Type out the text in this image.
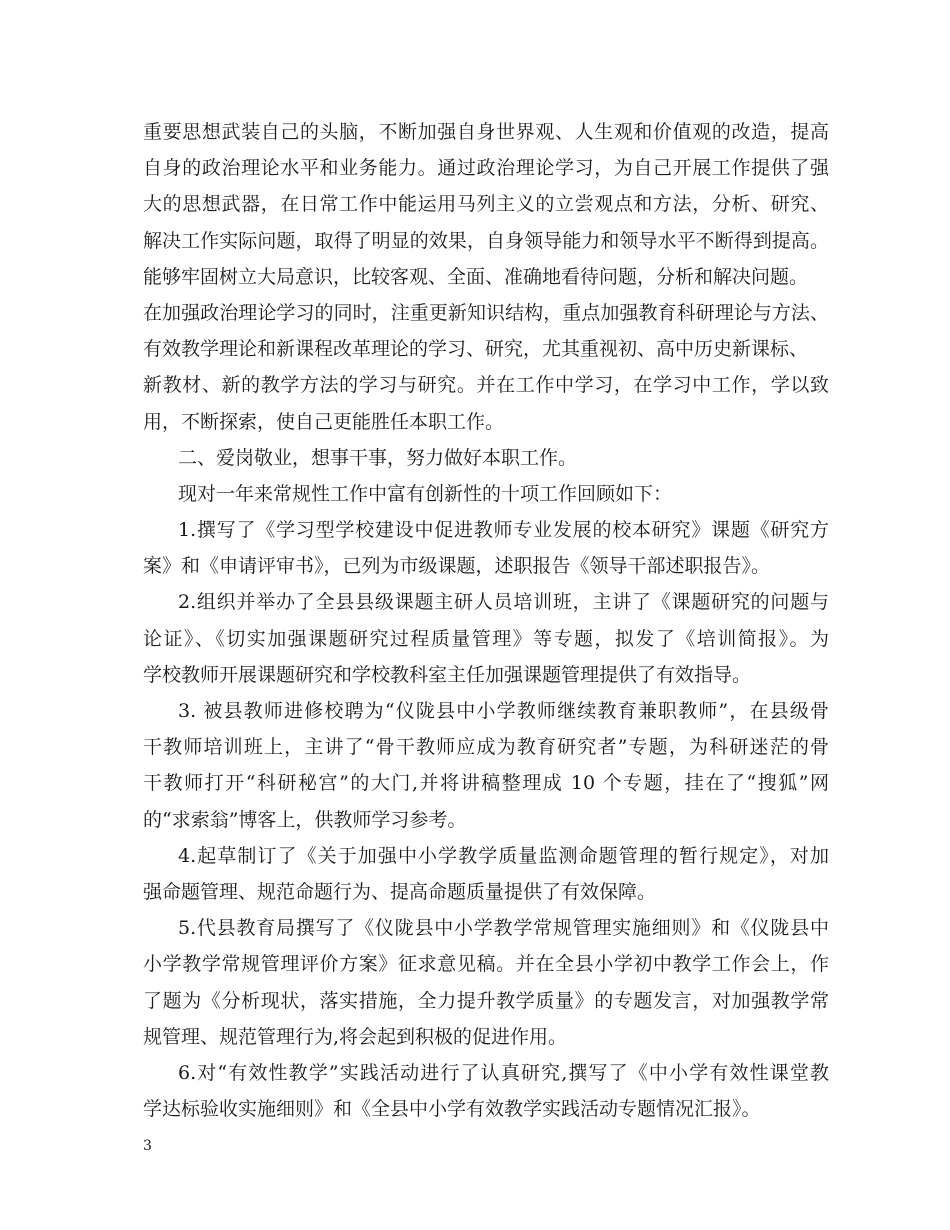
重要思想武装自己的头脑，不断加强自身世界观、人生观和价值观的改造，提高
自身的政治理论水平和业务能力。通过政治理论学习，为自己开展工作提供了强
大的思想武器，在日常工作中能运用马列主义的立尝观点和方法，分析、研究、
解决工作实际问题，取得了明显的效果，自身领导能力和领导水平不断得到提高。
能够牢固树立大局意识，比较客观、全面、准确地看待问题，分析和解决问题。
在加强政治理论学习的同时，注重更新知识结构，重点加强教育科研理论与方法、
有效教学理论和新课程改革理论的学习、研究，尤其重视初、高中历史新课标、
新教材、新的教学方法的学习与研究。并在工作中学习，在学习中工作，学以致
用，不断探索，使自己更能胜任本职工作。
二、爱岗敬业，想事干事，努力做好本职工作。
现对一年来常规性工作中富有创新性的十项工作回顾如下：
1.撰写了《学习型学校建设中促进教师专业发展的校本研究》课题《研究方
案》和《申请评审书》，已列为市级课题，述职报告《领导干部述职报告》。
2.组织并举办了全县县级课题主研人员培训班，主讲了《课题研究的问题与
论证》、《切实加强课题研究过程质量管理》等专题，拟发了《培训简报》。为
学校教师开展课题研究和学校教科室主任加强课题管理提供了有效指导。
3. 被县教师进修校聘为“仪陇县中小学教师继续教育兼职教师”，在县级骨
干教师培训班上，主讲了“骨干教师应成为教育研究者”专题，为科研迷茫的骨
干教师打开“科研秘宫”的大门,并将讲稿整理成 10 个专题，挂在了“搜狐”网
的“求索翁”博客上，供教师学习参考。
4.起草制订了《关于加强中小学教学质量监测命题管理的暂行规定》，对加
强命题管理、规范命题行为、提高命题质量提供了有效保障。
5.代县教育局撰写了《仪陇县中小学教学常规管理实施细则》和《仪陇县中
小学教学常规管理评价方案》征求意见稿。并在全县小学初中教学工作会上，作
了题为《分析现状，落实措施，全力提升教学质量》的专题发言，对加强教学常
规管理、规范管理行为,将会起到积极的促进作用。
6.对“有效性教学”实践活动进行了认真研究,撰写了《中小学有效性课堂教
学达标验收实施细则》和《全县中小学有效教学实践活动专题情况汇报》。
3
